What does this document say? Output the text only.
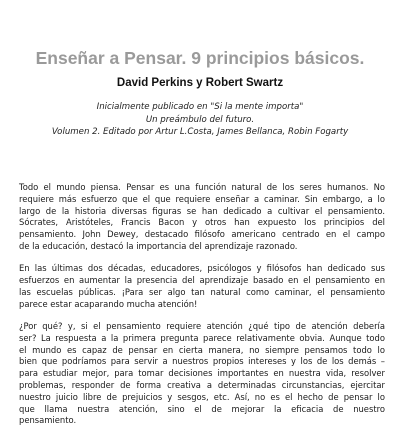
Enseñar a Pensar. 9 principios básicos.
David Perkins y Robert Swartz
Inicialmente publicado en "Si la mente importa"
Un preámbulo del futuro.
Volumen 2. Editado por Artur L.Costa, James Bellanca, Robin Fogarty

Todo el mundo piensa. Pensar es una función natural de los seres humanos. No
requiere más esfuerzo que el que requiere enseñar a caminar. Sin embargo, a lo
largo de la historia diversas figuras se han dedicado a cultivar el pensamiento.
Sócrates, Aristóteles, Francis Bacon y otros han expuesto los principios del
pensamiento. John Dewey, destacado filósofo americano centrado en el campo
de la educación, destacó la importancia del aprendizaje razonado.

En las últimas dos décadas, educadores, psicólogos y filósofos han dedicado sus
esfuerzos en aumentar la presencia del aprendizaje basado en el pensamiento en
las escuelas públicas. ¡Para ser algo tan natural como caminar, el pensamiento
parece estar acaparando mucha atención!

¿Por qué? y, si el pensamiento requiere atención ¿qué tipo de atención debería
ser? La respuesta a la primera pregunta parece relativamente obvia. Aunque todo
el mundo es capaz de pensar en cierta manera, no siempre pensamos todo lo
bien que podríamos para servir a nuestros propios intereses y los de los demás –
para estudiar mejor, para tomar decisiones importantes en nuestra vida, resolver
problemas, responder de forma creativa a determinadas circunstancias, ejercitar
nuestro juicio libre de prejuicios y sesgos, etc. Así, no es el hecho de pensar lo
que llama nuestra atención, sino el de mejorar la eficacia de nuestro
pensamiento.
